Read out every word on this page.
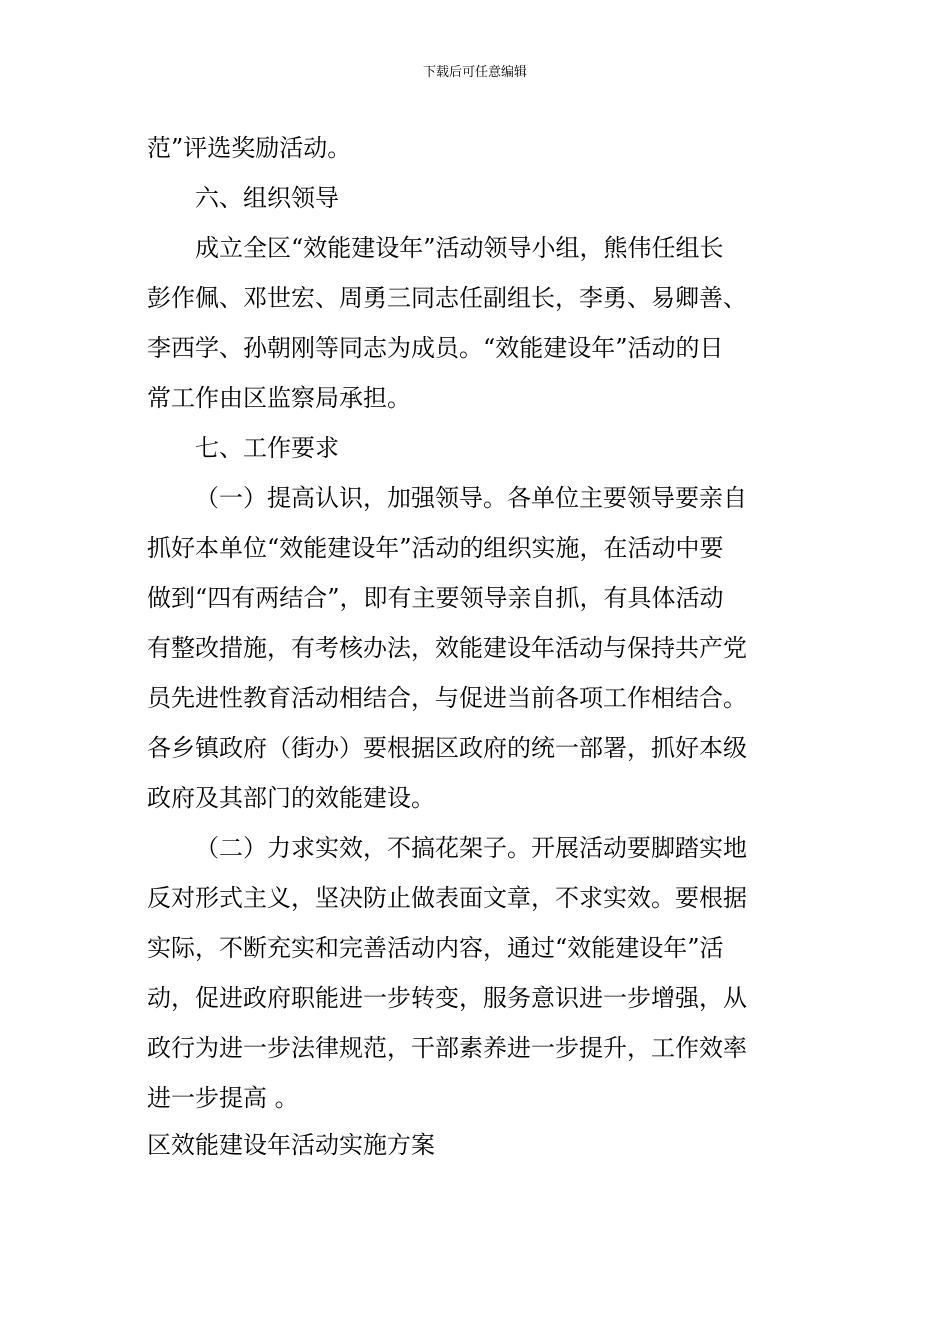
下载后可任意编辑
范”评选奖励活动。
六、组织领导
成立全区“效能建设年”活动领导小组，熊伟任组长
彭作佩、邓世宏、周勇三同志任副组长，李勇、易卿善、
李西学、孙朝刚等同志为成员。“效能建设年”活动的日
常工作由区监察局承担。
七、工作要求
（一）提高认识，加强领导。各单位主要领导要亲自
抓好本单位“效能建设年”活动的组织实施，在活动中要
做到“四有两结合”，即有主要领导亲自抓，有具体活动
有整改措施，有考核办法，效能建设年活动与保持共产党
员先进性教育活动相结合，与促进当前各项工作相结合。
各乡镇政府（街办）要根据区政府的统一部署，抓好本级
政府及其部门的效能建设。
（二）力求实效，不搞花架子。开展活动要脚踏实地
反对形式主义，坚决防止做表面文章，不求实效。要根据
实际，不断充实和完善活动内容，通过“效能建设年”活
动，促进政府职能进一步转变，服务意识进一步增强，从
政行为进一步法律规范，干部素养进一步提升，工作效率
进一步提高 。
区效能建设年活动实施方案
